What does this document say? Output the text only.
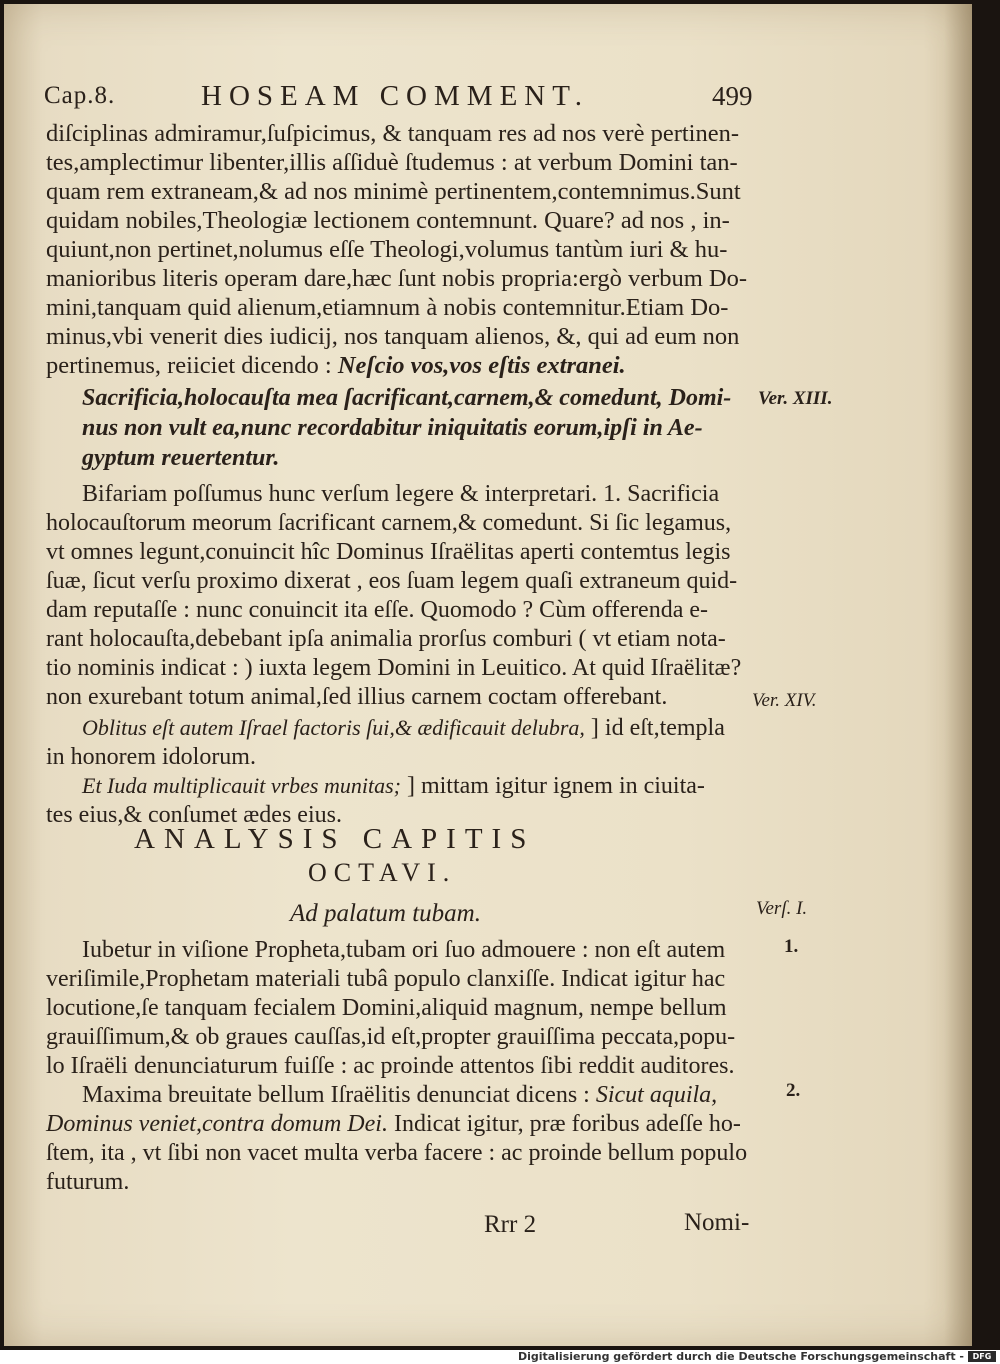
Cap.8.	HOSEAM COMMENT.	499
diſciplinas admiramur,ſuſpicimus, & tanquam res ad nos verè pertinen-
tes,amplectimur libenter,illis aſſiduè ſtudemus : at verbum Domini tan-
quam rem extraneam,& ad nos minimè pertinentem,contemnimus.Sunt
quidam nobiles,Theologiæ lectionem contemnunt. Quare? ad nos , in-
quiunt,non pertinet,nolumus eſſe Theologi,volumus tantùm iuri & hu-
manioribus literis operam dare,hæc ſunt nobis propria:ergò verbum Do-
mini,tanquam quid alienum,etiamnum à nobis contemnitur.Etiam Do-
minus,vbi venerit dies iudicij, nos tanquam alienos, &, qui ad eum non
pertinemus, reiiciet dicendo : Neſcio vos,vos eſtis extranei.
Sacrificia,holocauſta mea ſacrificant,carnem,& comedunt, Domi-
nus non vult ea,nunc recordabitur iniquitatis eorum,ipſi in Ae-
gyptum reuertentur.
Ver. XIII.
Bifariam poſſumus hunc verſum legere & interpretari. 1. Sacrificia
holocauſtorum meorum ſacrificant carnem,& comedunt. Si ſic legamus,
vt omnes legunt,conuincit hîc Dominus Iſraëlitas aperti contemtus legis
ſuæ, ſicut verſu proximo dixerat , eos ſuam legem quaſi extraneum quid-
dam reputaſſe : nunc conuincit ita eſſe. Quomodo ? Cùm offerenda e-
rant holocauſta,debebant ipſa animalia prorſus comburi ( vt etiam nota-
tio nominis indicat : ) iuxta legem Domini in Leuitico. At quid Iſraëlitæ?
non exurebant totum animal,ſed illius carnem coctam offerebant.
Oblitus eſt autem Iſrael factoris ſui,& ædificauit delubra, ] id eſt,templa
Ver. XIV.
in honorem idolorum.
Et Iuda multiplicauit vrbes munitas; ] mittam igitur ignem in ciuita-
tes eius,& conſumet ædes eius.
ANALYSIS CAPITIS
OCTAVI.
Ad palatum tubam.	Verſ. I.
Iubetur in viſione Propheta,tubam ori ſuo admouere : non eſt autem	1.
veriſimile,Prophetam materiali tubâ populo clanxiſſe. Indicat igitur hac
locutione,ſe tanquam fecialem Domini,aliquid magnum, nempe bellum
grauiſſimum,& ob graues cauſſas,id eſt,propter grauiſſima peccata,popu-
lo Iſraëli denunciaturum fuiſſe : ac proinde attentos ſibi reddit auditores.
Maxima breuitate bellum Iſraëlitis denunciat dicens : Sicut aquila,	2.
Dominus veniet,contra domum Dei. Indicat igitur, præ foribus adeſſe ho-
ſtem, ita , vt ſibi non vacet multa verba facere : ac proinde bellum populo
futurum.
Rrr 2	Nomi-
Digitalisierung gefördert durch die Deutsche Forschungsgemeinschaft -	DFG
